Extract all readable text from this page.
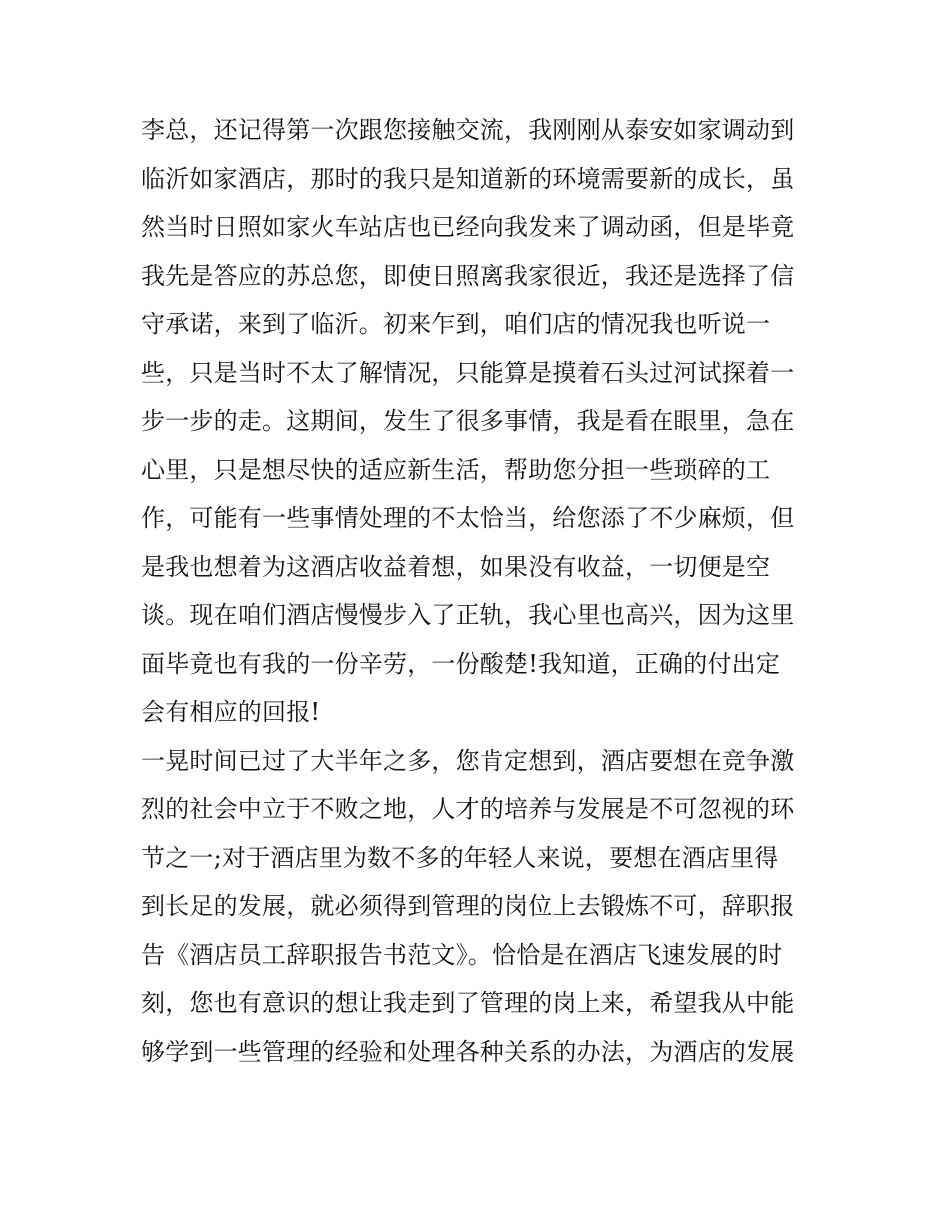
李总，还记得第一次跟您接触交流，我刚刚从泰安如家调动到
临沂如家酒店，那时的我只是知道新的环境需要新的成长，虽
然当时日照如家火车站店也已经向我发来了调动函，但是毕竟
我先是答应的苏总您，即使日照离我家很近，我还是选择了信
守承诺，来到了临沂。初来乍到，咱们店的情况我也听说一
些，只是当时不太了解情况，只能算是摸着石头过河试探着一
步一步的走。这期间，发生了很多事情，我是看在眼里，急在
心里，只是想尽快的适应新生活，帮助您分担一些琐碎的工
作，可能有一些事情处理的不太恰当，给您添了不少麻烦，但
是我也想着为这酒店收益着想，如果没有收益，一切便是空
谈。现在咱们酒店慢慢步入了正轨，我心里也高兴，因为这里
面毕竟也有我的一份辛劳，一份酸楚!我知道，正确的付出定
会有相应的回报!
一晃时间已过了大半年之多，您肯定想到，酒店要想在竞争激
烈的社会中立于不败之地，人才的培养与发展是不可忽视的环
节之一;对于酒店里为数不多的年轻人来说，要想在酒店里得
到长足的发展，就必须得到管理的岗位上去锻炼不可，辞职报
告《酒店员工辞职报告书范文》。恰恰是在酒店飞速发展的时
刻，您也有意识的想让我走到了管理的岗上来，希望我从中能
够学到一些管理的经验和处理各种关系的办法，为酒店的发展
